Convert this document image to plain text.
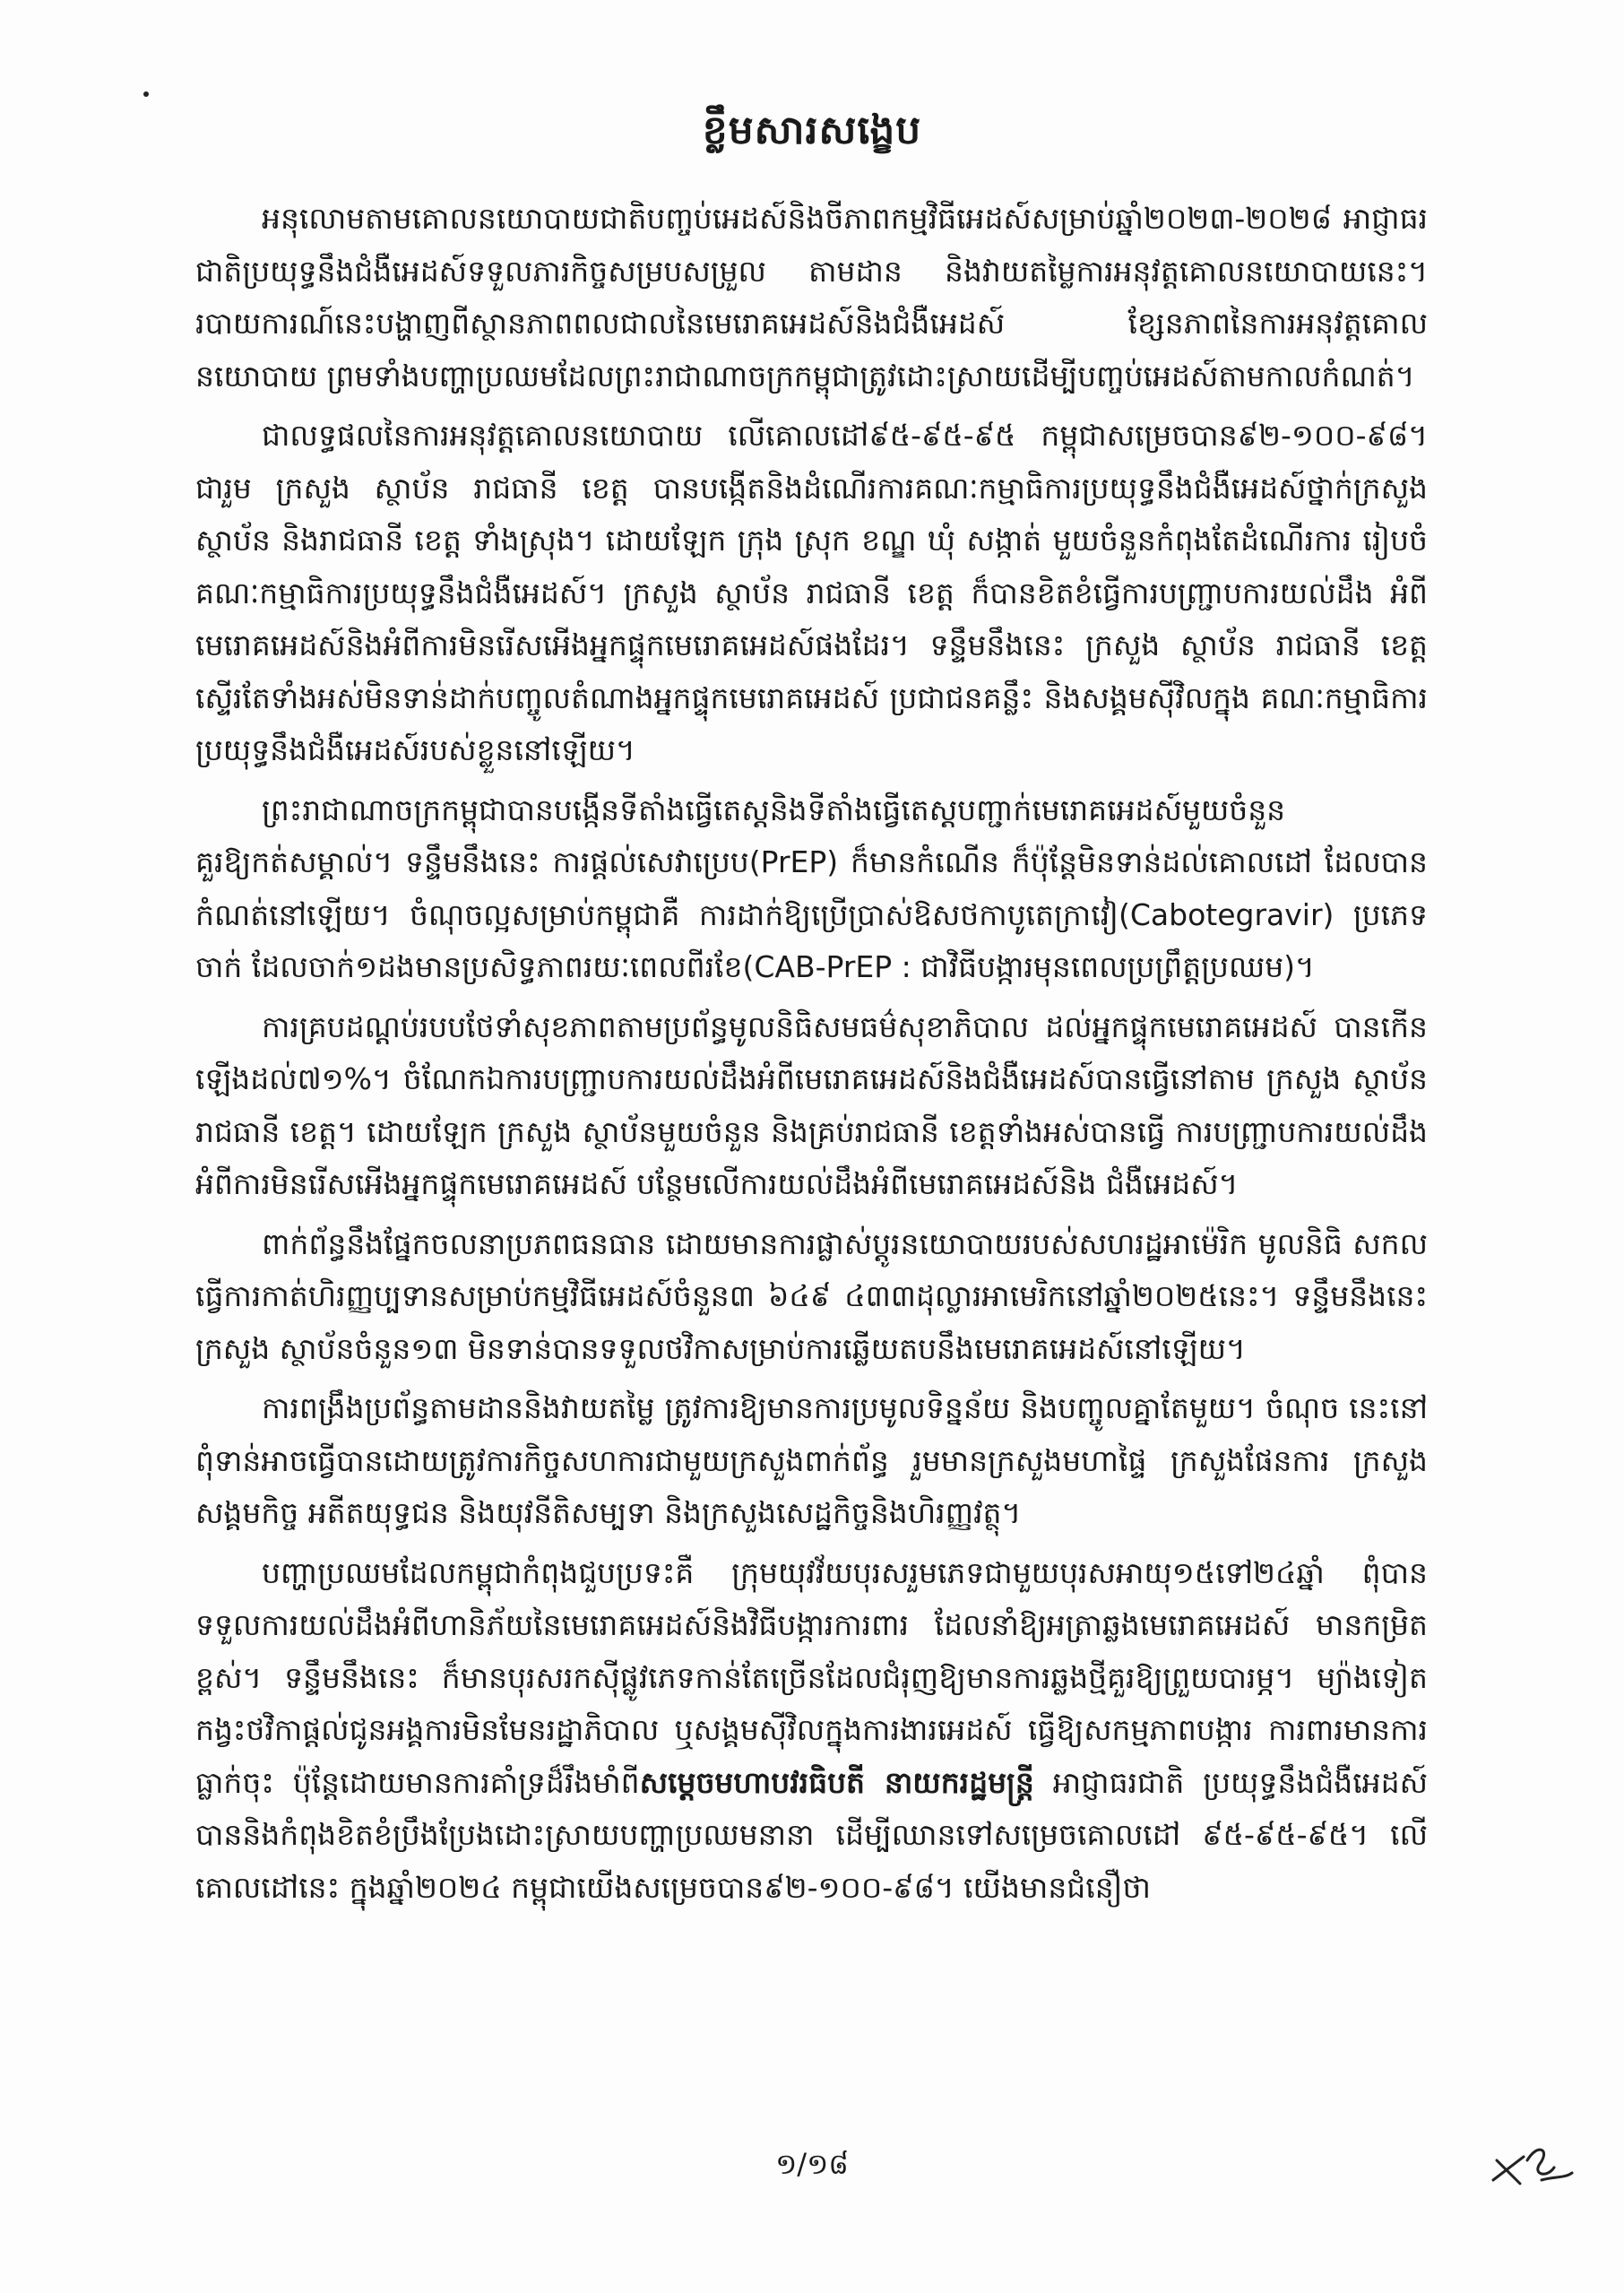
ខ្លឹមសារសង្ខេប

អនុលោមតាមគោលនយោបាយជាតិបញ្ចប់អេដស៍និងចីភាពកម្មវិធីអេដស៍សម្រាប់ឆ្នាំ២០២៣-២០២៨ អាជ្ញាធរជាតិប្រយុទ្ធនឹងជំងឺអេដស៍ទទួលភារកិច្ចសម្របសម្រួល តាមដាន និងវាយតម្លៃការអនុវត្តគោលនយោបាយនេះ។ របាយការណ៍នេះបង្ហាញពីស្ថានភាពពលជាលនៃមេរោគអេដស៍និងជំងឺអេដស៍ ខ្សែនភាពនៃការអនុវត្តគោលនយោបាយ ព្រមទាំងបញ្ហាប្រឈមដែលព្រះរាជាណាចក្រកម្ពុជាត្រូវដោះស្រាយដើម្បីបញ្ចប់អេដស៍តាមកាលកំណត់។

ជាលទ្ធផលនៃការអនុវត្តគោលនយោបាយ លើគោលដៅ៩៥-៩៥-៩៥ កម្ពុជាសម្រេចបាន៩២-១០០-៩៨។ ជារួម ក្រសួង ស្ថាប័ន រាជធានី ខេត្ត បានបង្កើតនិងដំណើរការគណៈកម្មាធិការប្រយុទ្ធនឹងជំងឺអេដស៍ថ្នាក់ក្រសួង ស្ថាប័ន និងរាជធានី ខេត្ត ទាំងស្រុង។ ដោយឡែក ក្រុង ស្រុក ខណ្ឌ ឃុំ សង្កាត់ មួយចំនួនកំពុងតែដំណើរការ រៀបចំគណៈកម្មាធិការប្រយុទ្ធនឹងជំងឺអេដស៍។ ក្រសួង ស្ថាប័ន រាជធានី ខេត្ត ក៏បានខិតខំធ្វើការបញ្ជ្រាបការយល់ដឹង អំពីមេរោគអេដស៍និងអំពីការមិនរើសអើងអ្នកផ្ទុកមេរោគអេដស៍ផងដែរ។ ទន្ទឹមនឹងនេះ ក្រសួង ស្ថាប័ន រាជធានី ខេត្ត ស្ទើរតែទាំងអស់មិនទាន់ដាក់បញ្ចូលតំណាងអ្នកផ្ទុកមេរោគអេដស៍ ប្រជាជនគន្លឹះ និងសង្គមស៊ីវិលក្នុង គណៈកម្មាធិការប្រយុទ្ធនឹងជំងឺអេដស៍របស់ខ្លួននៅឡើយ។

ព្រះរាជាណាចក្រកម្ពុជាបានបង្កើនទីតាំងធ្វើតេស្តនិងទីតាំងធ្វើតេស្តបញ្ជាក់មេរោគអេដស៍មួយចំនួន គួរឱ្យកត់សម្គាល់។ ទន្ទឹមនឹងនេះ ការផ្តល់សេវាប្រេប(PrEP) ក៏មានកំណើន ក៏ប៉ុន្តែមិនទាន់ដល់គោលដៅ ដែលបានកំណត់នៅឡើយ។ ចំណុចល្អសម្រាប់កម្ពុជាគឺ ការដាក់ឱ្យប្រើប្រាស់ឱសថកាបូតេក្រាវៀ(Cabotegravir) ប្រភេទចាក់ ដែលចាក់១ដងមានប្រសិទ្ធភាពរយៈពេលពីរខែ(CAB-PrEP : ជាវិធីបង្ការមុនពេលប្រព្រឹត្តប្រឈម)។

ការគ្របដណ្តប់របបថែទាំសុខភាពតាមប្រព័ន្ធមូលនិធិសមធម៌សុខាភិបាល ដល់អ្នកផ្ទុកមេរោគអេដស៍ បានកើនឡើងដល់៧១%។ ចំណែកឯការបញ្ជ្រាបការយល់ដឹងអំពីមេរោគអេដស៍និងជំងឺអេដស៍បានធ្វើនៅតាម ក្រសួង ស្ថាប័ន រាជធានី ខេត្ត។ ដោយឡែក ក្រសួង ស្ថាប័នមួយចំនួន និងគ្រប់រាជធានី ខេត្តទាំងអស់បានធ្វើ ការបញ្ជ្រាបការយល់ដឹងអំពីការមិនរើសអើងអ្នកផ្ទុកមេរោគអេដស៍ បន្ថែមលើការយល់ដឹងអំពីមេរោគអេដស៍និង ជំងឺអេដស៍។

ពាក់ព័ន្ធនឹងផ្នែកចលនាប្រភពធនធាន ដោយមានការផ្លាស់ប្តូរនយោបាយរបស់សហរដ្ឋអាម៉េរិក មូលនិធិ សកលធ្វើការកាត់ហិរញ្ញប្បទានសម្រាប់កម្មវិធីអេដស៍ចំនួន៣ ៦៤៩ ៤៣៣ដុល្លារអាមេរិកនៅឆ្នាំ២០២៥នេះ។ ទន្ទឹមនឹងនេះ ក្រសួង ស្ថាប័នចំនួន១៣ មិនទាន់បានទទួលថវិកាសម្រាប់ការឆ្លើយតបនឹងមេរោគអេដស៍នៅឡើយ។

ការពង្រឹងប្រព័ន្ធតាមដាននិងវាយតម្លៃ ត្រូវការឱ្យមានការប្រមូលទិន្នន័យ និងបញ្ចូលគ្នាតែមួយ។ ចំណុច នេះនៅពុំទាន់អាចធ្វើបានដោយត្រូវការកិច្ចសហការជាមួយក្រសួងពាក់ព័ន្ធ រួមមានក្រសួងមហាផ្ទៃ ក្រសួងផែនការ ក្រសួងសង្គមកិច្ច អតីតយុទ្ធជន និងយុវនីតិសម្បទា និងក្រសួងសេដ្ឋកិច្ចនិងហិរញ្ញវត្ថុ។

បញ្ហាប្រឈមដែលកម្ពុជាកំពុងជួបប្រទះគឺ ក្រុមយុវវ័យបុរសរួមភេទជាមួយបុរសអាយុ១៥ទៅ២៤ឆ្នាំ ពុំបានទទួលការយល់ដឹងអំពីហានិភ័យនៃមេរោគអេដស៍និងវិធីបង្ការការពារ ដែលនាំឱ្យអត្រាឆ្លងមេរោគអេដស៍ មានកម្រិតខ្ពស់។ ទន្ទឹមនឹងនេះ ក៏មានបុរសរកស៊ីផ្លូវភេទកាន់តែច្រើនដែលជំរុញឱ្យមានការឆ្លងថ្មីគួរឱ្យព្រួយបារម្ភ។ ម្យ៉ាងទៀត កង្វះថវិកាផ្តល់ជូនអង្គការមិនមែនរដ្ឋាភិបាល ឬសង្គមស៊ីវិលក្នុងការងារអេដស៍ ធ្វើឱ្យសកម្មភាពបង្ការ ការពារមានការធ្លាក់ចុះ ប៉ុន្តែដោយមានការគាំទ្រដ៏រឹងមាំពីសម្តេចមហាបវរធិបតី នាយករដ្ឋមន្ត្រី អាជ្ញាធរជាតិ ប្រយុទ្ធនឹងជំងឺអេដស៍បាននិងកំពុងខិតខំប្រឹងប្រែងដោះស្រាយបញ្ហាប្រឈមនានា ដើម្បីឈានទៅសម្រេចគោលដៅ ៩៥-៩៥-៩៥។ លើគោលដៅនេះ ក្នុងឆ្នាំ២០២៤ កម្ពុជាយើងសម្រេចបាន៩២-១០០-៩៨។ យើងមានជំនឿថា

១/១៨
